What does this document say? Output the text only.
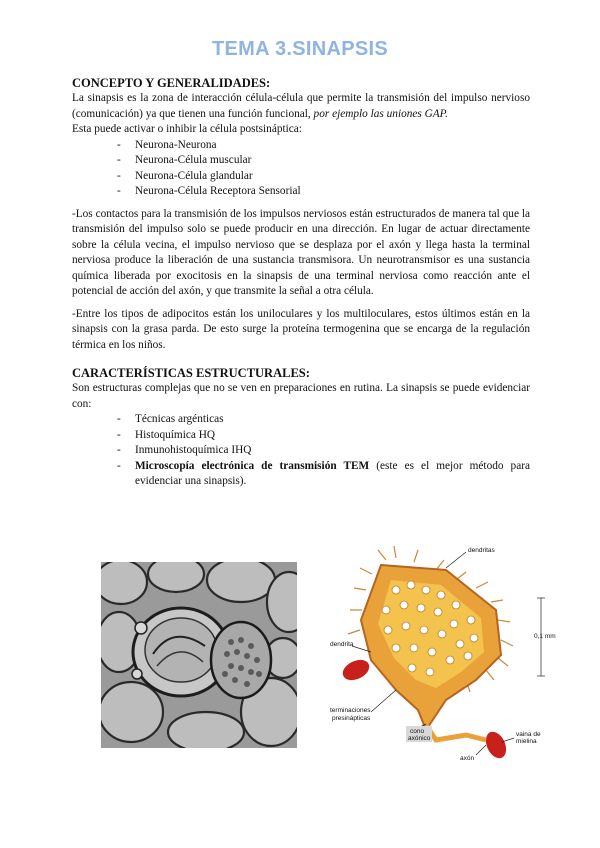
TEMA 3.SINAPSIS
CONCEPTO Y GENERALIDADES:

La sinapsis es la zona de interacción célula-célula que permite la transmisión del impulso nervioso (comunicación) ya que tienen una función funcional, por ejemplo las uniones GAP.

Esta puede activar o inhibir la célula postsináptica:

- Neurona-Neurona
- Neurona-Célula muscular
- Neurona-Célula glandular
- Neurona-Célula Receptora Sensorial

-Los contactos para la transmisión de los impulsos nerviosos están estructurados de manera tal que la transmisión del impulso solo se puede producir en una dirección. En lugar de actuar directamente sobre la célula vecina, el impulso nervioso que se desplaza por el axón y llega hasta la terminal nerviosa produce la liberación de una sustancia transmisora. Un neurotransmisor es una sustancia química liberada por exocitosis en la sinapsis de una terminal nerviosa como reacción ante el potencial de acción del axón, y que transmite la señal a otra célula.

-Entre los tipos de adipocitos están los uniloculares y los multiloculares, estos últimos están en la sinapsis con la grasa parda. De esto surge la proteína termogenina que se encarga de la regulación térmica en los niños.

CARACTERÍSTICAS ESTRUCTURALES:

Son estructuras complejas que no se ven en preparaciones en rutina. La sinapsis se puede evidenciar con:

- Técnicas argénticas
- Histoquímica HQ
- Inmunohistoquímica IHQ
- Microscopía electrónica de transmisión TEM (este es el mejor método para evidenciar una sinapsis).
dendritas
dendrita
0,1 mm
terminaciones
presinápticas
cono
axónico
vaina de
mielina
axón
